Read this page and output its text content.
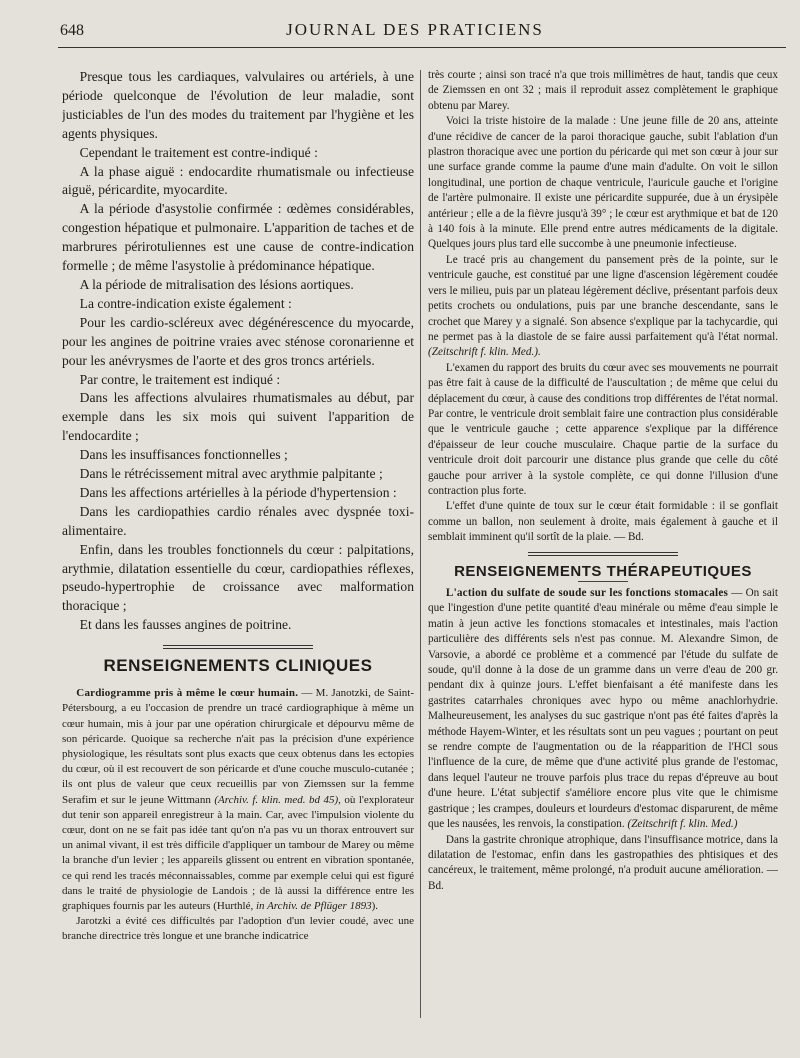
648	JOURNAL DES PRATICIENS

Presque tous les cardiaques, valvulaires ou artériels, à une période quelconque de l'évolution de leur maladie, sont justiciables de l'un des modes du traitement par l'hygiène et les agents physiques.

Cependant le traitement est contre-indiqué :

A la phase aiguë : endocardite rhumatismale ou infectieuse aiguë, péricardite, myocardite.

A la période d'asystolie confirmée : œdèmes considérables, congestion hépatique et pulmonaire. L'apparition de taches et de marbrures périrotuliennes est une cause de contre-indication formelle ; de même l'asystolie à prédominance hépatique.

A la période de mitralisation des lésions aortiques.

La contre-indication existe également :

Pour les cardio-scléreux avec dégénérescence du myocarde, pour les angines de poitrine vraies avec sténose coronarienne et pour les anévrysmes de l'aorte et des gros troncs artériels.

Par contre, le traitement est indiqué :

Dans les affections alvulaires rhumatismales au début, par exemple dans les six mois qui suivent l'apparition de l'endocardite ;

Dans les insuffisances fonctionnelles ;

Dans le rétrécissement mitral avec arythmie palpitante ;

Dans les affections artérielles à la période d'hypertension :

Dans les cardiopathies cardio rénales avec dyspnée toxi-alimentaire.

Enfin, dans les troubles fonctionnels du cœur : palpitations, arythmie, dilatation essentielle du cœur, cardiopathies réflexes, pseudo-hypertrophie de croissance avec malformation thoracique ;

Et dans les fausses angines de poitrine.

RENSEIGNEMENTS CLINIQUES

Cardiogramme pris à même le cœur humain. — M. Janotzki, de Saint-Pétersbourg, a eu l'occasion de prendre un tracé cardiographique à même un cœur humain, mis à jour par une opération chirurgicale et dépourvu même de son péricarde. Quoique sa recherche n'ait pas la précision d'une expérience physiologique, les résultats sont plus exacts que ceux obtenus dans les ectopies du cœur, où il est recouvert de son péricarde et d'une couche musculo-cutanée ; ils ont plus de valeur que ceux recueillis par von Ziemssen sur la femme Serafim et sur le jeune Wittmann (Archiv. f. klin. med. bd 45), où l'explorateur dut tenir son appareil enregistreur à la main. Car, avec l'impulsion violente du cœur, dont on ne se fait pas idée tant qu'on n'a pas vu un thorax entrouvert sur un animal vivant, il est très difficile d'appliquer un tambour de Marey ou même la branche d'un levier ; les appareils glissent ou entrent en vibration spontanée, ce qui rend les tracés méconnaissables, comme par exemple celui qui est figuré dans le traité de physiologie de Landois ; de là aussi la différence entre les graphiques fournis par les auteurs (Hurthlé, in Archiv. de Pflüger 1893).

Jarotzki a évité ces difficultés par l'adoption d'un levier coudé, avec une branche directrice très longue et une branche indicatrice

très courte ; ainsi son tracé n'a que trois millimètres de haut, tandis que ceux de Ziemssen en ont 32 ; mais il reproduit assez complètement le graphique obtenu par Marey.

Voici la triste histoire de la malade : Une jeune fille de 20 ans, atteinte d'une récidive de cancer de la paroi thoracique gauche, subit l'ablation d'un plastron thoracique avec une portion du péricarde qui met son cœur à jour sur une surface grande comme la paume d'une main d'adulte. On voit le sillon longitudinal, une portion de chaque ventricule, l'auricule gauche et l'origine de l'artère pulmonaire. Il existe une péricardite suppurée, due à un érysipèle antérieur ; elle a de la fièvre jusqu'à 39° ; le cœur est arythmique et bat de 120 à 140 fois à la minute. Elle prend entre autres médicaments de la digitale. Quelques jours plus tard elle succombe à une pneumonie infectieuse.

Le tracé pris au changement du pansement près de la pointe, sur le ventricule gauche, est constitué par une ligne d'ascension légèrement coudée vers le milieu, puis par un plateau légèrement déclive, présentant parfois deux petits crochets ou ondulations, puis par une branche descendante, sans le crochet que Marey y a signalé. Son absence s'explique par la tachycardie, qui ne permet pas à la diastole de se faire aussi parfaitement qu'à l'état normal. (Zeitschrift f. klin. Med.).

L'examen du rapport des bruits du cœur avec ses mouvements ne pourrait pas être fait à cause de la difficulté de l'auscultation ; de même que celui du déplacement du cœur, à cause des conditions trop différentes de l'état normal. Par contre, le ventricule droit semblait faire une contraction plus considérable que le ventricule gauche ; cette apparence s'explique par la différence d'épaisseur de leur couche musculaire. Chaque partie de la surface du ventricule droit doit parcourir une distance plus grande que celle du côté gauche pour arriver à la systole complète, ce qui donne l'illusion d'une contraction plus forte.

L'effet d'une quinte de toux sur le cœur était formidable : il se gonflait comme un ballon, non seulement à droite, mais également à gauche et il semblait imminent qu'il sortît de la plaie. — Bd.

RENSEIGNEMENTS THÉRAPEUTIQUES

L'action du sulfate de soude sur les fonctions stomacales — On sait que l'ingestion d'une petite quantité d'eau minérale ou même d'eau simple le matin à jeun active les fonctions stomacales et intestinales, mais l'action particulière des différents sels n'est pas connue. M. Alexandre Simon, de Varsovie, a abordé ce problème et a commencé par l'étude du sulfate de soude, qu'il donne à la dose de un gramme dans un verre d'eau de 200 gr. pendant dix à quinze jours. L'effet bienfaisant a été manifeste dans les gastrites catarrhales chroniques avec hypo ou même anachlorhydrie. Malheureusement, les analyses du suc gastrique n'ont pas été faites d'après la méthode Hayem-Winter, et les résultats sont un peu vagues ; pourtant on peut se rendre compte de l'augmentation ou de la réapparition de l'HCl sous l'influence de la cure, de même que d'une activité plus grande de l'estomac, dans lequel l'auteur ne trouve parfois plus trace du repas d'épreuve au bout d'une heure. L'état subjectif s'améliore encore plus vite que le chimisme gastrique ; les crampes, douleurs et lourdeurs d'estomac disparurent, de même que les nausées, les renvois, la constipation. (Zeitschrift f. klin. Med.)

Dans la gastrite chronique atrophique, dans l'insuffisance motrice, dans la dilatation de l'estomac, enfin dans les gastropathies des phtisiques et des cancéreux, le traitement, même prolongé, n'a produit aucune amélioration. — Bd.
